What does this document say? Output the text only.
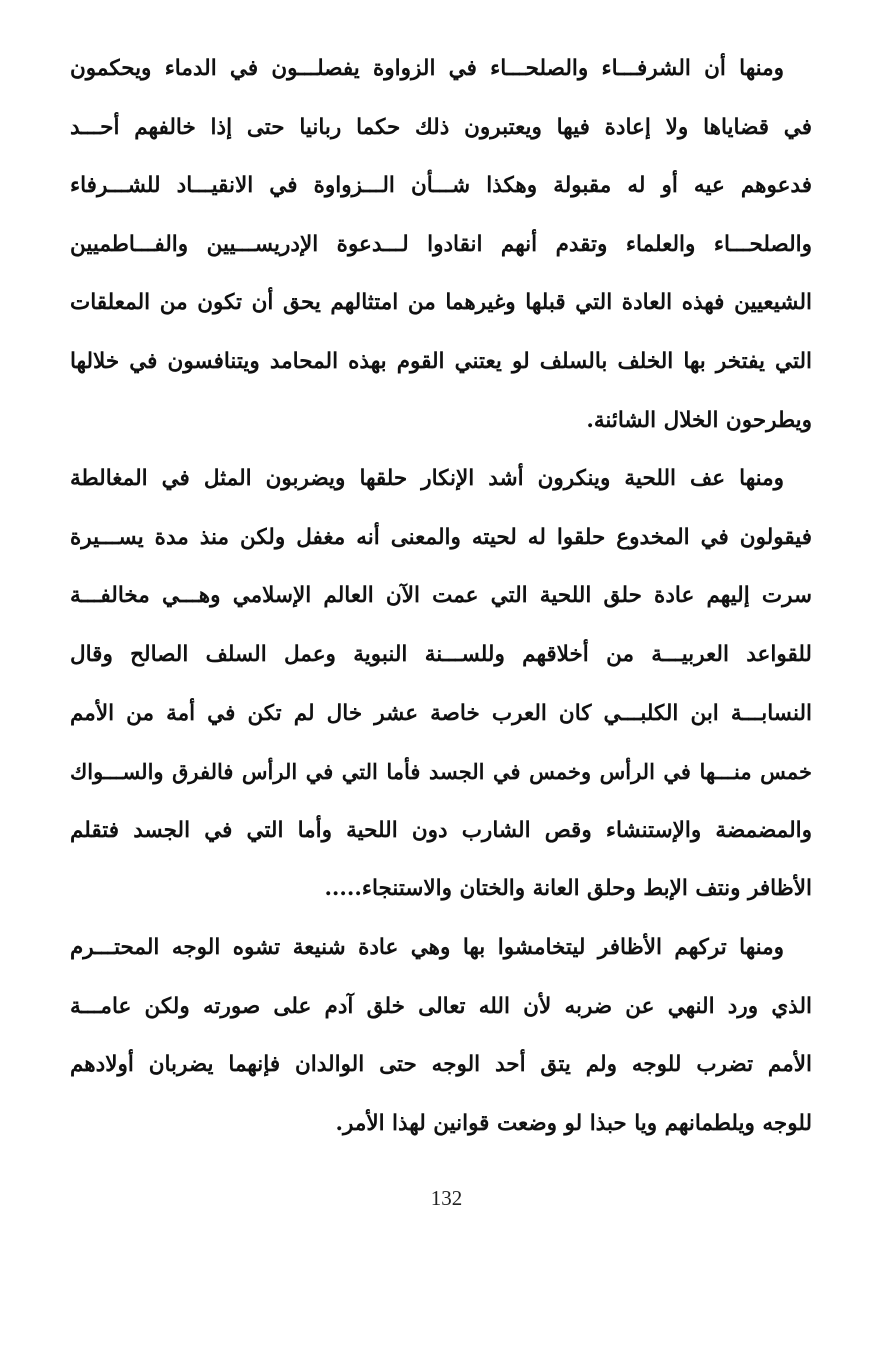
ومنها أن الشرفـــاء والصلحـــاء في الزواوة يفصلـــون في الدماء ويحكمون
في قضاياها ولا إعادة فيها ويعتبرون ذلك حكما ربانيا حتى إذا خالفهم أحـــد
فدعوهم عيه أو له مقبولة وهكذا شـــأن الـــزواوة في الانقيـــاد للشـــرفاء
والصلحـــاء والعلماء وتقدم أنهم انقادوا لـــدعوة الإدريســـيين والفـــاطميين
الشيعيين فهذه العادة التي قبلها وغيرهما من امتثالهم يحق أن تكون من المعلقات
التي يفتخر بها الخلف بالسلف لو يعتني القوم بهذه المحامد ويتنافسون في خلالها
ويطرحون الخلال الشائنة.
ومنها عف اللحية وينكرون أشد الإنكار حلقها ويضربون المثل في المغالطة
فيقولون في المخدوع حلقوا له لحيته والمعنى أنه مغفل ولكن منذ مدة يســـيرة
سرت إليهم عادة حلق اللحية التي عمت الآن العالم الإسلامي وهـــي مخالفـــة
للقواعد العربيـــة من أخلاقهم وللســـنة النبوية وعمل السلف الصالح وقال
النسابـــة ابن الكلبـــي كان العرب خاصة عشر خال لم تكن في أمة من الأمم
خمس منـــها في الرأس وخمس في الجسد فأما التي في الرأس فالفرق والســـواك
والمضمضة والإستنشاء وقص الشارب دون اللحية وأما التي في الجسد فتقلم
الأظافر ونتف الإبط وحلق العانة والختان والاستنجاء.....
ومنها تركهم الأظافر ليتخامشوا بها وهي عادة شنيعة تشوه الوجه المحتـــرم
الذي ورد النهي عن ضربه لأن الله تعالى خلق آدم على صورته ولكن عامـــة
الأمم تضرب للوجه ولم يتق أحد الوجه حتى الوالدان فإنهما يضربان أولادهم
للوجه ويلطمانهم ويا حبذا لو وضعت قوانين لهذا الأمر.
132
